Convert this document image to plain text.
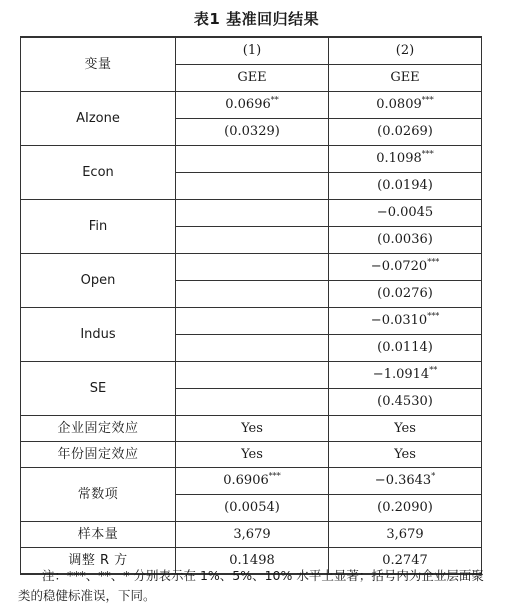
表1 基准回归结果
变量	(1)	(2)
	GEE	GEE
AIzone	0.0696**	0.0809***
	(0.0329)	(0.0269)
Econ		0.1098***
		(0.0194)
Fin		−0.0045
		(0.0036)
Open		−0.0720***
		(0.0276)
Indus		−0.0310***
		(0.0114)
SE		−1.0914**
		(0.4530)
企业固定效应	Yes	Yes
年份固定效应	Yes	Yes
常数项	0.6906***	−0.3643*
	(0.0054)	(0.2090)
样本量	3,679	3,679
调整 R 方	0.1498	0.2747
注：***、**、* 分别表示在 1%、5%、10% 水平上显著；括号内为企业层面聚类的稳健标准误，下同。
